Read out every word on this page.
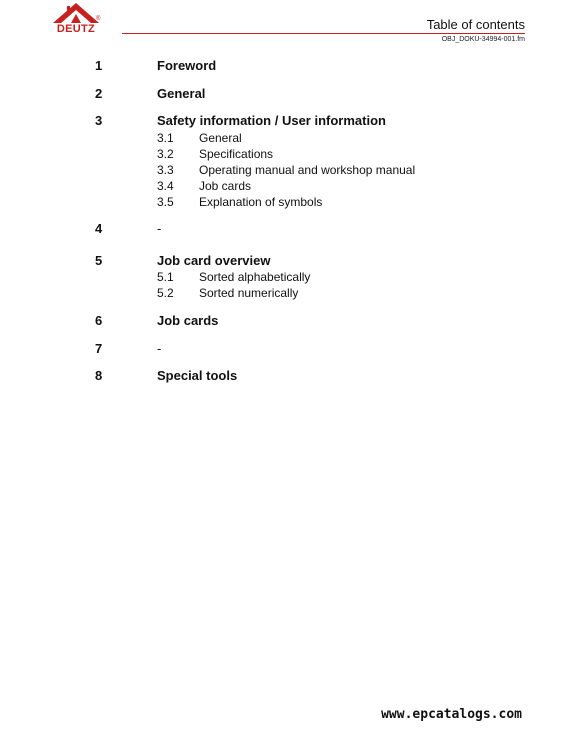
DEUTZ
®	Table of contents
OBJ_DOKU-34994-001.fm
1	Foreword
2	General
3	Safety information / User information
3.1 General
3.2 Specifications
3.3 Operating manual and workshop manual
3.4 Job cards
3.5 Explanation of symbols
4	-
5	Job card overview
5.1 Sorted alphabetically
5.2 Sorted numerically
6	Job cards
7	-
8	Special tools
www.epcatalogs.com
